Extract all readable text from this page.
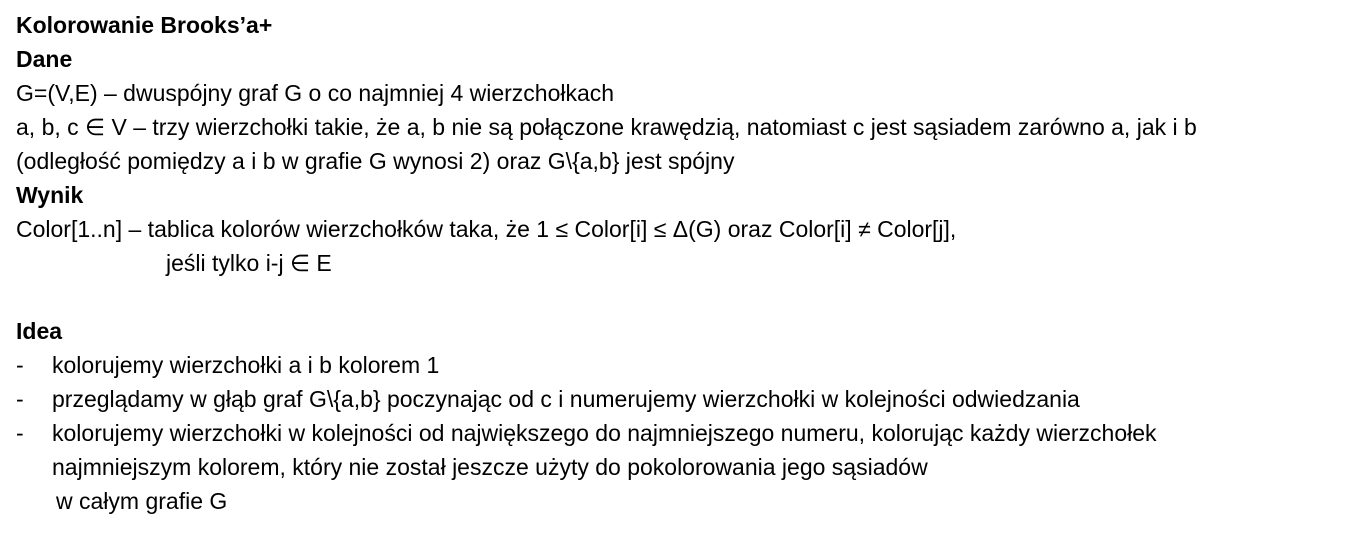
Kolorowanie Brooks’a+
Dane
G=(V,E) – dwuspójny graf G o co najmniej 4 wierzchołkach
a, b, c ∈ V – trzy wierzchołki takie, że a, b nie są połączone krawędzią, natomiast c jest sąsiadem zarówno a, jak i b
(odległość pomiędzy a i b w grafie G wynosi 2) oraz G\{a,b} jest spójny
Wynik
Color[1..n] – tablica kolorów wierzchołków taka, że 1 ≤ Color[i] ≤ Δ(G) oraz Color[i] ≠ Color[j],
jeśli tylko i-j ∈ E
Idea
- kolorujemy wierzchołki a i b kolorem 1
- przeglądamy w głąb graf G\{a,b} poczynając od c i numerujemy wierzchołki w kolejności odwiedzania
- kolorujemy wierzchołki w kolejności od największego do najmniejszego numeru, kolorując każdy wierzchołek
najmniejszym kolorem, który nie został jeszcze użyty do pokolorowania jego sąsiadów
w całym grafie G
